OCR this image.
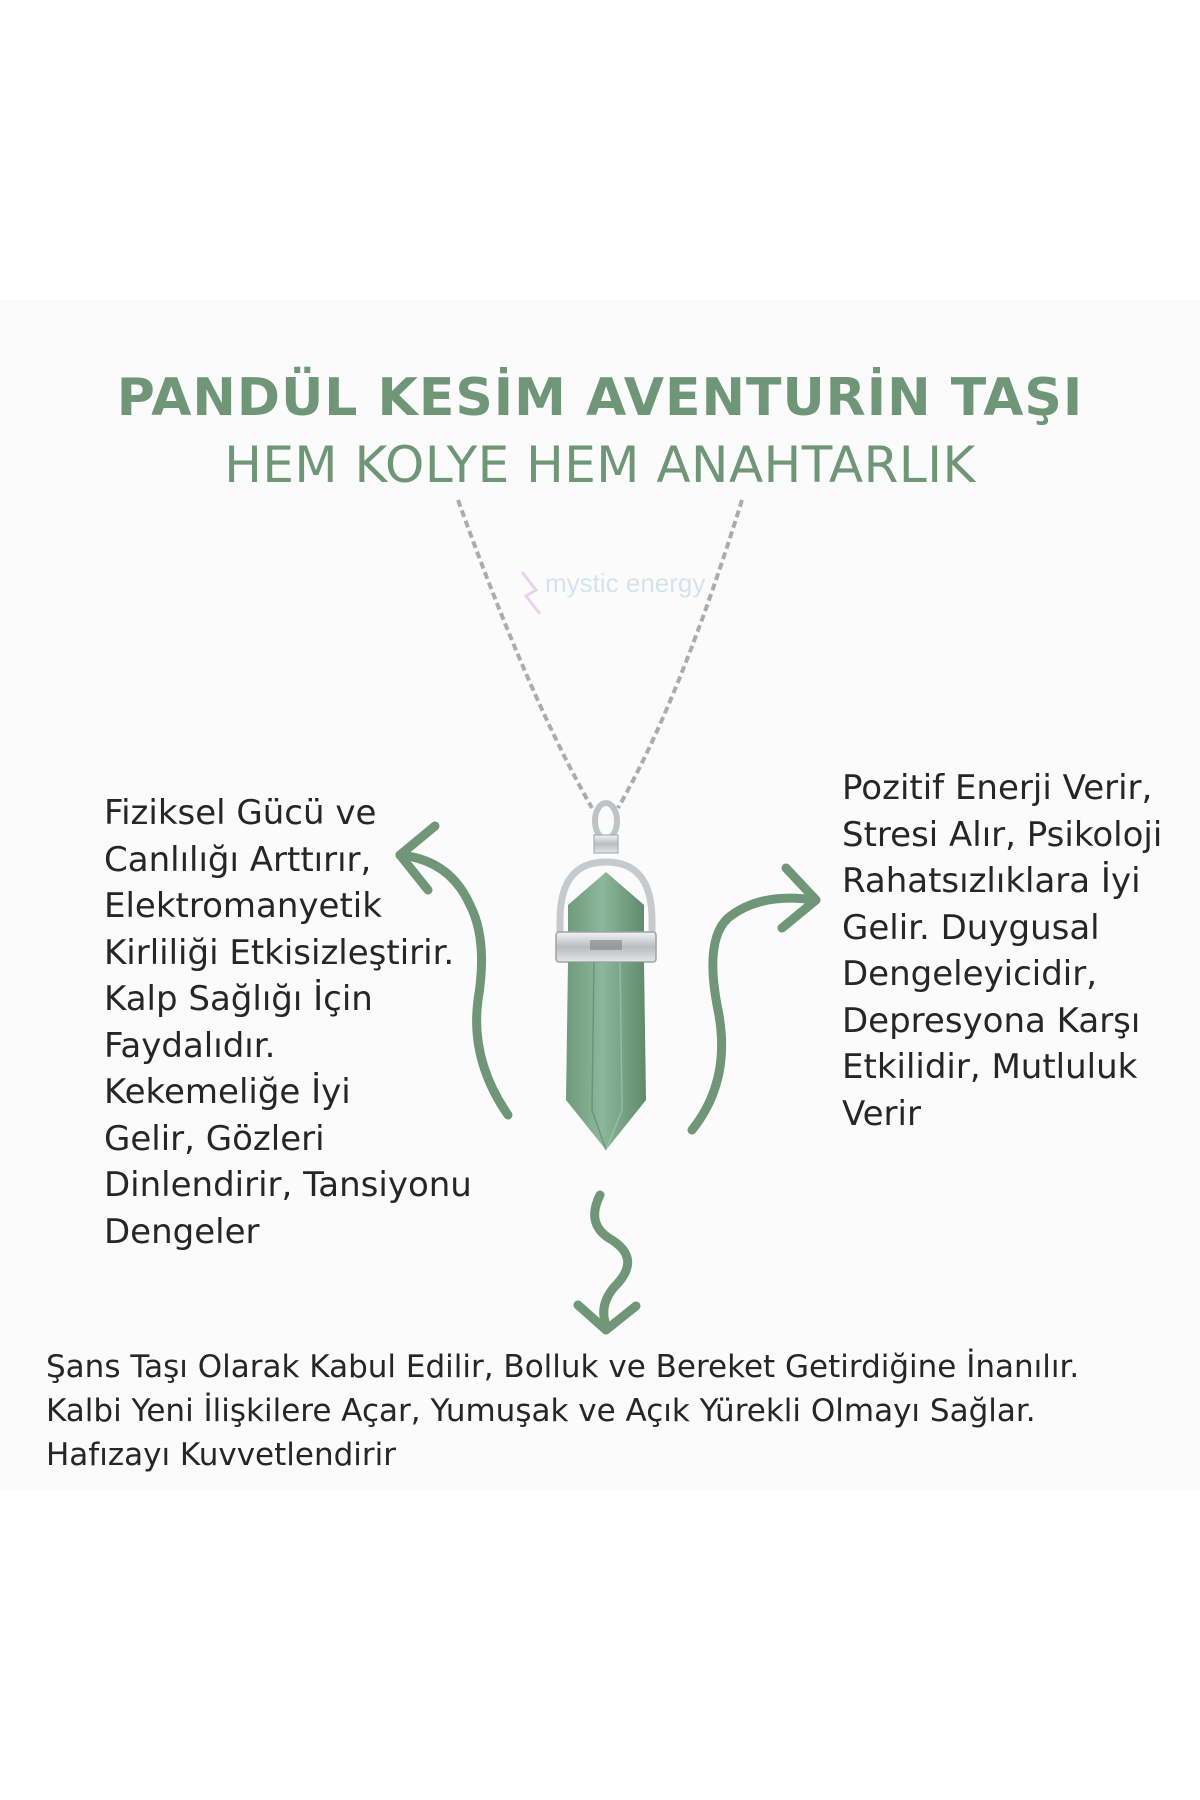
PANDÜL KESİM AVENTURİN TAŞI
HEM KOLYE HEM ANAHTARLIK
mystic energy

Fiziksel Gücü ve
Canlılığı Arttırır,
Elektromanyetik
Kirliliği Etkisizleştirir.
Kalp Sağlığı İçin
Faydalıdır.
Kekemeliğe İyi
Gelir, Gözleri
Dinlendirir, Tansiyonu
Dengeler

Pozitif Enerji Verir,
Stresi Alır, Psikoloji
Rahatsızlıklara İyi
Gelir. Duygusal
Dengeleyicidir,
Depresyona Karşı
Etkilidir, Mutluluk
Verir

Şans Taşı Olarak Kabul Edilir, Bolluk ve Bereket Getirdiğine İnanılır.
Kalbi Yeni İlişkilere Açar, Yumuşak ve Açık Yürekli Olmayı Sağlar.
Hafızayı Kuvvetlendirir
